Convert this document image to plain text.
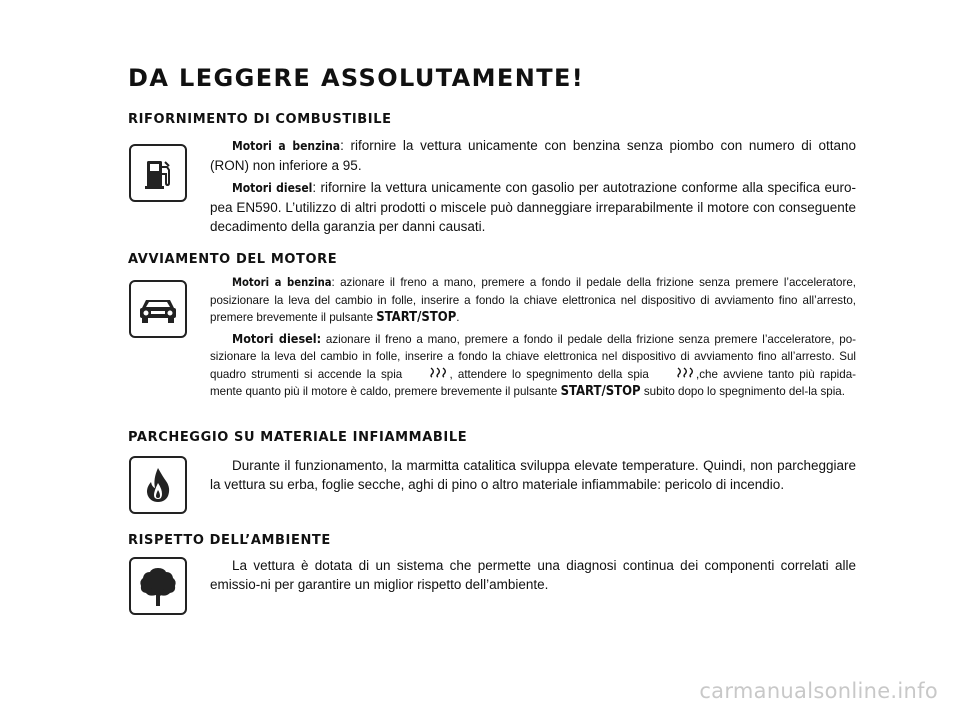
DA LEGGERE ASSOLUTAMENTE!
RIFORNIMENTO DI COMBUSTIBILE

Motori a benzina: rifornire la vettura unicamente con benzina senza piombo con numero di ottano (RON) non inferiore a 95.

Motori diesel: rifornire la vettura unicamente con gasolio per autotrazione conforme alla specifica euro-pea EN590. L’utilizzo di altri prodotti o miscele può danneggiare irreparabilmente il motore con conseguente decadimento della garanzia per danni causati.

AVVIAMENTO DEL MOTORE

Motori a benzina: azionare il freno a mano, premere a fondo il pedale della frizione senza premere l’acceleratore, posizionare la leva del cambio in folle, inserire a fondo la chiave elettronica nel dispositivo di avviamento fino all’arresto, premere brevemente il pulsante START/STOP.

Motori diesel: azionare il freno a mano, premere a fondo il pedale della frizione senza premere l’acceleratore, po-sizionare la leva del cambio in folle, inserire a fondo la chiave elettronica nel dispositivo di avviamento fino all’arresto. Sul quadro strumenti si accende la spia	, attendere lo spegnimento della spia	,che avviene tanto più rapida-mente quanto più il motore è caldo, premere brevemente il pulsante START/STOP subito dopo lo spegnimento del-la spia.

PARCHEGGIO SU MATERIALE INFIAMMABILE

Durante il funzionamento, la marmitta catalitica sviluppa elevate temperature. Quindi, non parcheggiare la vettura su erba, foglie secche, aghi di pino o altro materiale infiammabile: pericolo di incendio.

RISPETTO DELL’AMBIENTE

La vettura è dotata di un sistema che permette una diagnosi continua dei componenti correlati alle emissio-ni per garantire un miglior rispetto dell’ambiente.

carmanualsonline.info
